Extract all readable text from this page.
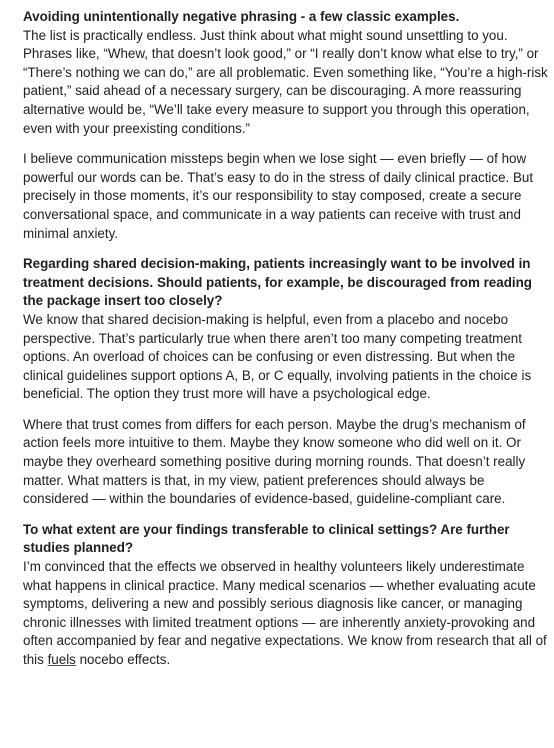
Avoiding unintentionally negative phrasing - a few classic examples.

The list is practically endless. Just think about what might sound unsettling to you. Phrases like, “Whew, that doesn’t look good,” or “I really don’t know what else to try,” or “There’s nothing we can do,” are all problematic. Even something like, “You’re a high-risk patient,” said ahead of a necessary surgery, can be discouraging. A more reassuring alternative would be, “We’ll take every measure to support you through this operation, even with your preexisting conditions.”

I believe communication missteps begin when we lose sight — even briefly — of how powerful our words can be. That’s easy to do in the stress of daily clinical practice. But precisely in those moments, it’s our responsibility to stay composed, create a secure conversational space, and communicate in a way patients can receive with trust and minimal anxiety.

Regarding shared decision-making, patients increasingly want to be involved in treatment decisions. Should patients, for example, be discouraged from reading the package insert too closely?

We know that shared decision-making is helpful, even from a placebo and nocebo perspective. That’s particularly true when there aren’t too many competing treatment options. An overload of choices can be confusing or even distressing. But when the clinical guidelines support options A, B, or C equally, involving patients in the choice is beneficial. The option they trust more will have a psychological edge.

Where that trust comes from differs for each person. Maybe the drug’s mechanism of action feels more intuitive to them. Maybe they know someone who did well on it. Or maybe they overheard something positive during morning rounds. That doesn’t really matter. What matters is that, in my view, patient preferences should always be considered — within the boundaries of evidence-based, guideline-compliant care.

To what extent are your findings transferable to clinical settings? Are further studies planned?

I’m convinced that the effects we observed in healthy volunteers likely underestimate what happens in clinical practice. Many medical scenarios — whether evaluating acute symptoms, delivering a new and possibly serious diagnosis like cancer, or managing chronic illnesses with limited treatment options — are inherently anxiety-provoking and often accompanied by fear and negative expectations. We know from research that all of this fuels nocebo effects.
